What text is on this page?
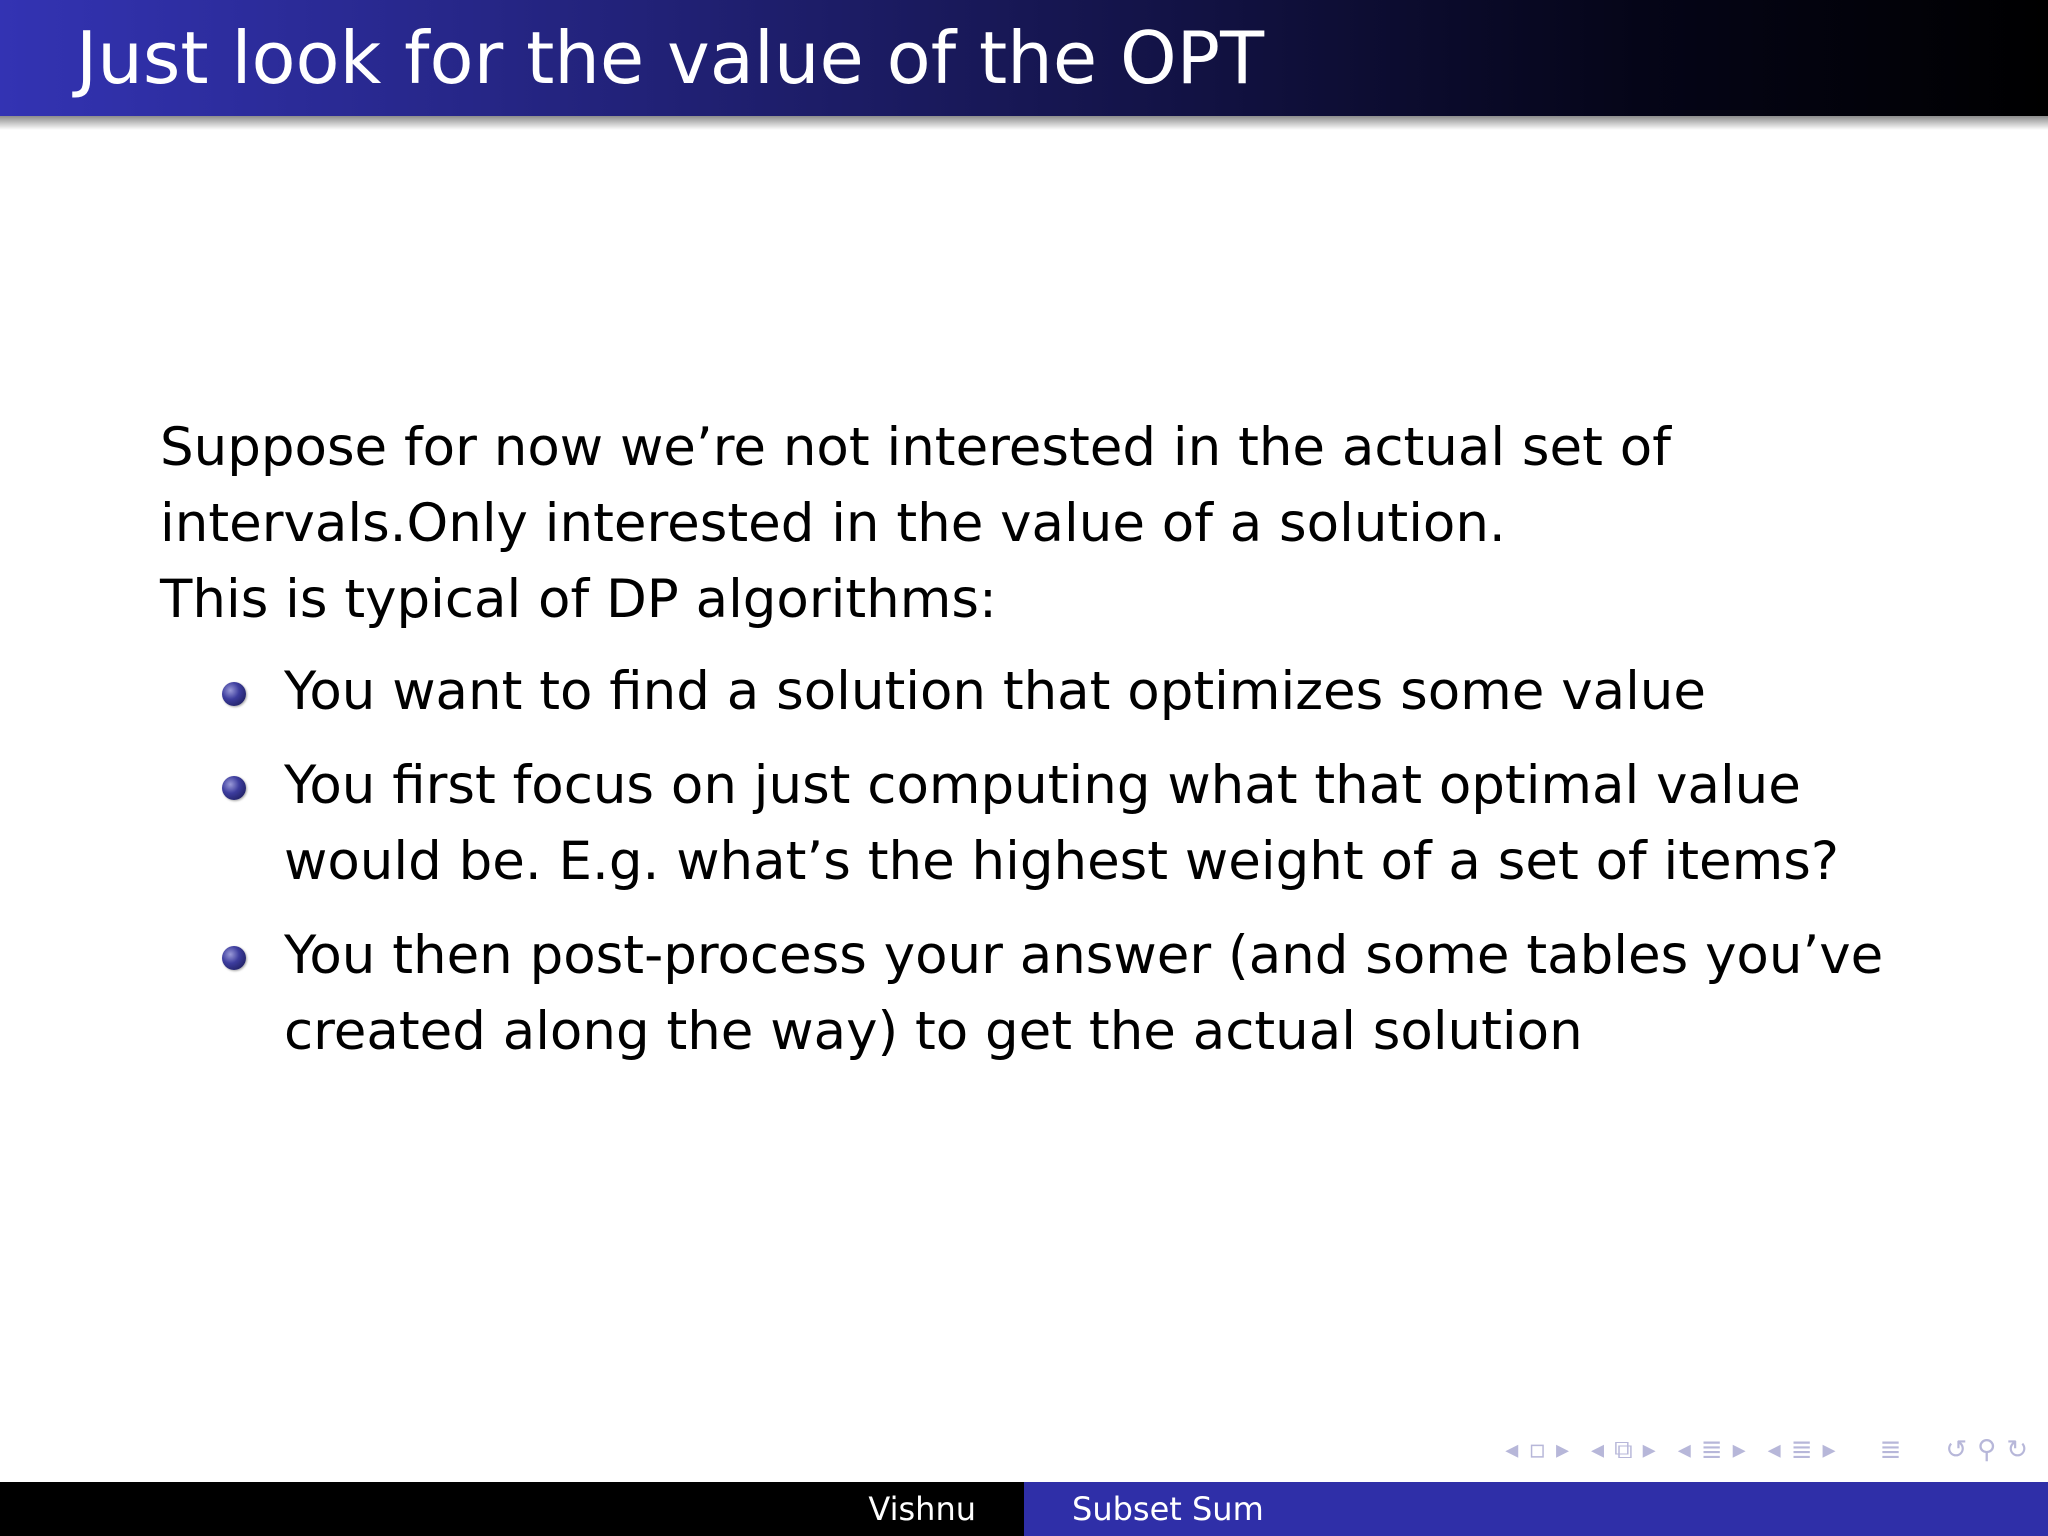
Just look for the value of the OPT

Suppose for now we’re not interested in the actual set of

intervals.Only interested in the value of a solution.

This is typical of DP algorithms:

You want to find a solution that optimizes some value
You first focus on just computing what that optimal value
would be. E.g. what’s the highest weight of a set of items?
You then post-process your answer (and some tables you’ve
created along the way) to get the actual solution
◂ ▫ ▸ ◂ ⧉ ▸ ◂ ≣ ▸ ◂ ≣ ▸ ≣ ↺ ⚲ ↻
Vishnu	Subset Sum
